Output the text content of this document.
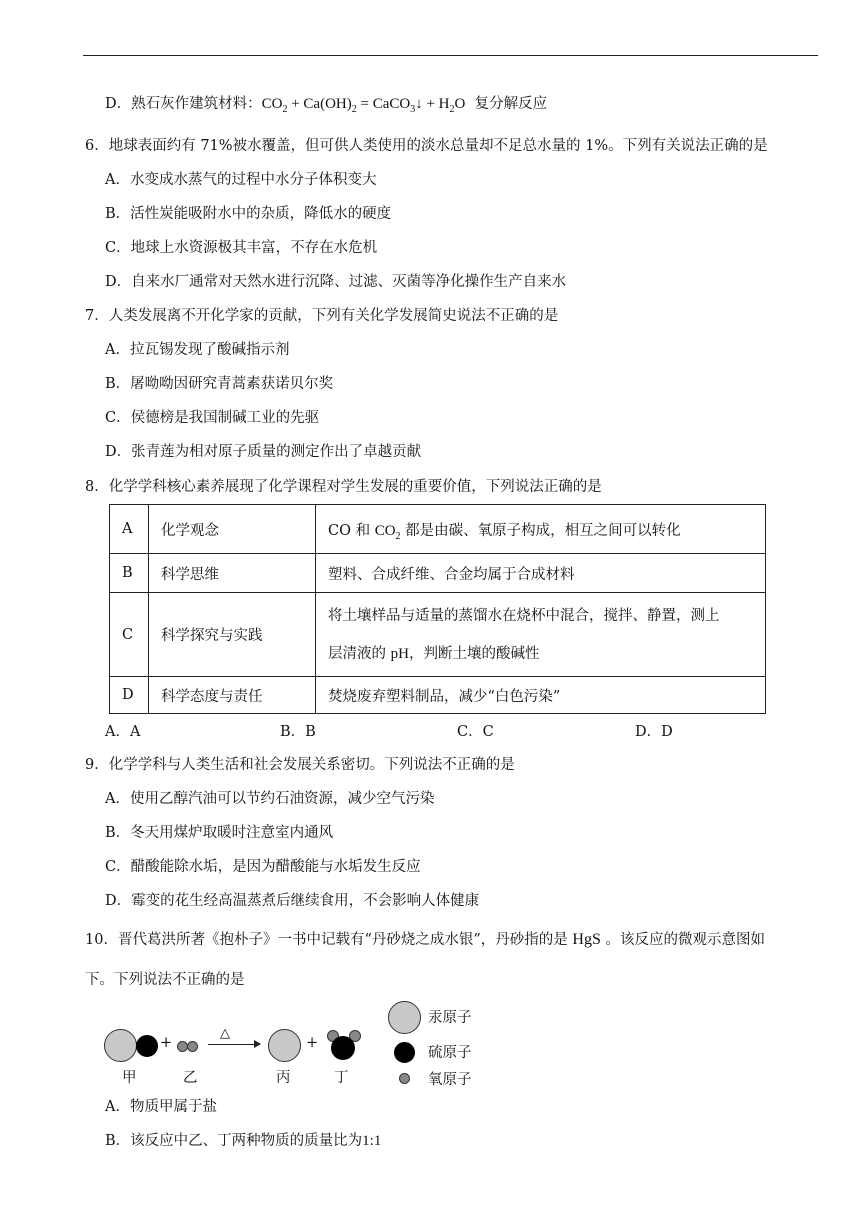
D．熟石灰作建筑材料：$CO_2 + Ca(OH)_2$ = CaCO$_3$↓ + $H_2O$ 复分解反应
6．地球表面约有 71%被水覆盖，但可供人类使用的淡水总量却不足总水量的 1%。下列有关说法正确的是
A．水变成水蒸气的过程中水分子体积变大
B．活性炭能吸附水中的杂质，降低水的硬度
C．地球上水资源极其丰富，不存在水危机
D．自来水厂通常对天然水进行沉降、过滤、灭菌等净化操作生产自来水
7．人类发展离不开化学家的贡献，下列有关化学发展简史说法不正确的是
A．拉瓦锡发现了酸碱指示剂
B．屠呦呦因研究青蒿素获诺贝尔奖
C．侯德榜是我国制碱工业的先驱
D．张青莲为相对原子质量的测定作出了卓越贡献
8．化学学科核心素养展现了化学课程对学生发展的重要价值，下列说法正确的是
A	化学观念	CO 和 $CO_2$ 都是由碳、氧原子构成，相互之间可以转化
B	科学思维	塑料、合成纤维、合金均属于合成材料
C	科学探究与实践	将土壤样品与适量的蒸馏水在烧杯中混合，搅拌、静置，测上
层清液的 pH，判断土壤的酸碱性

D	科学态度与责任	焚烧废弃塑料制品，减少“白色污染”
A．A	B．B	C．C	D．D
9．化学学科与人类生活和社会发展关系密切。下列说法不正确的是
A．使用乙醇汽油可以节约石油资源，减少空气污染
B．冬天用煤炉取暖时注意室内通风
C．醋酸能除水垢，是因为醋酸能与水垢发生反应
D．霉变的花生经高温蒸煮后继续食用，不会影响人体健康
10．晋代葛洪所著《抱朴子》一书中记载有“丹砂烧之成水银”，丹砂指的是 HgS 。该反应的微观示意图如
下。下列说法不正确的是
+
△
+
甲	乙	丙	丁
汞原子
硫原子
氧原子
A．物质甲属于盐
B．该反应中乙、丁两种物质的质量比为1:1
